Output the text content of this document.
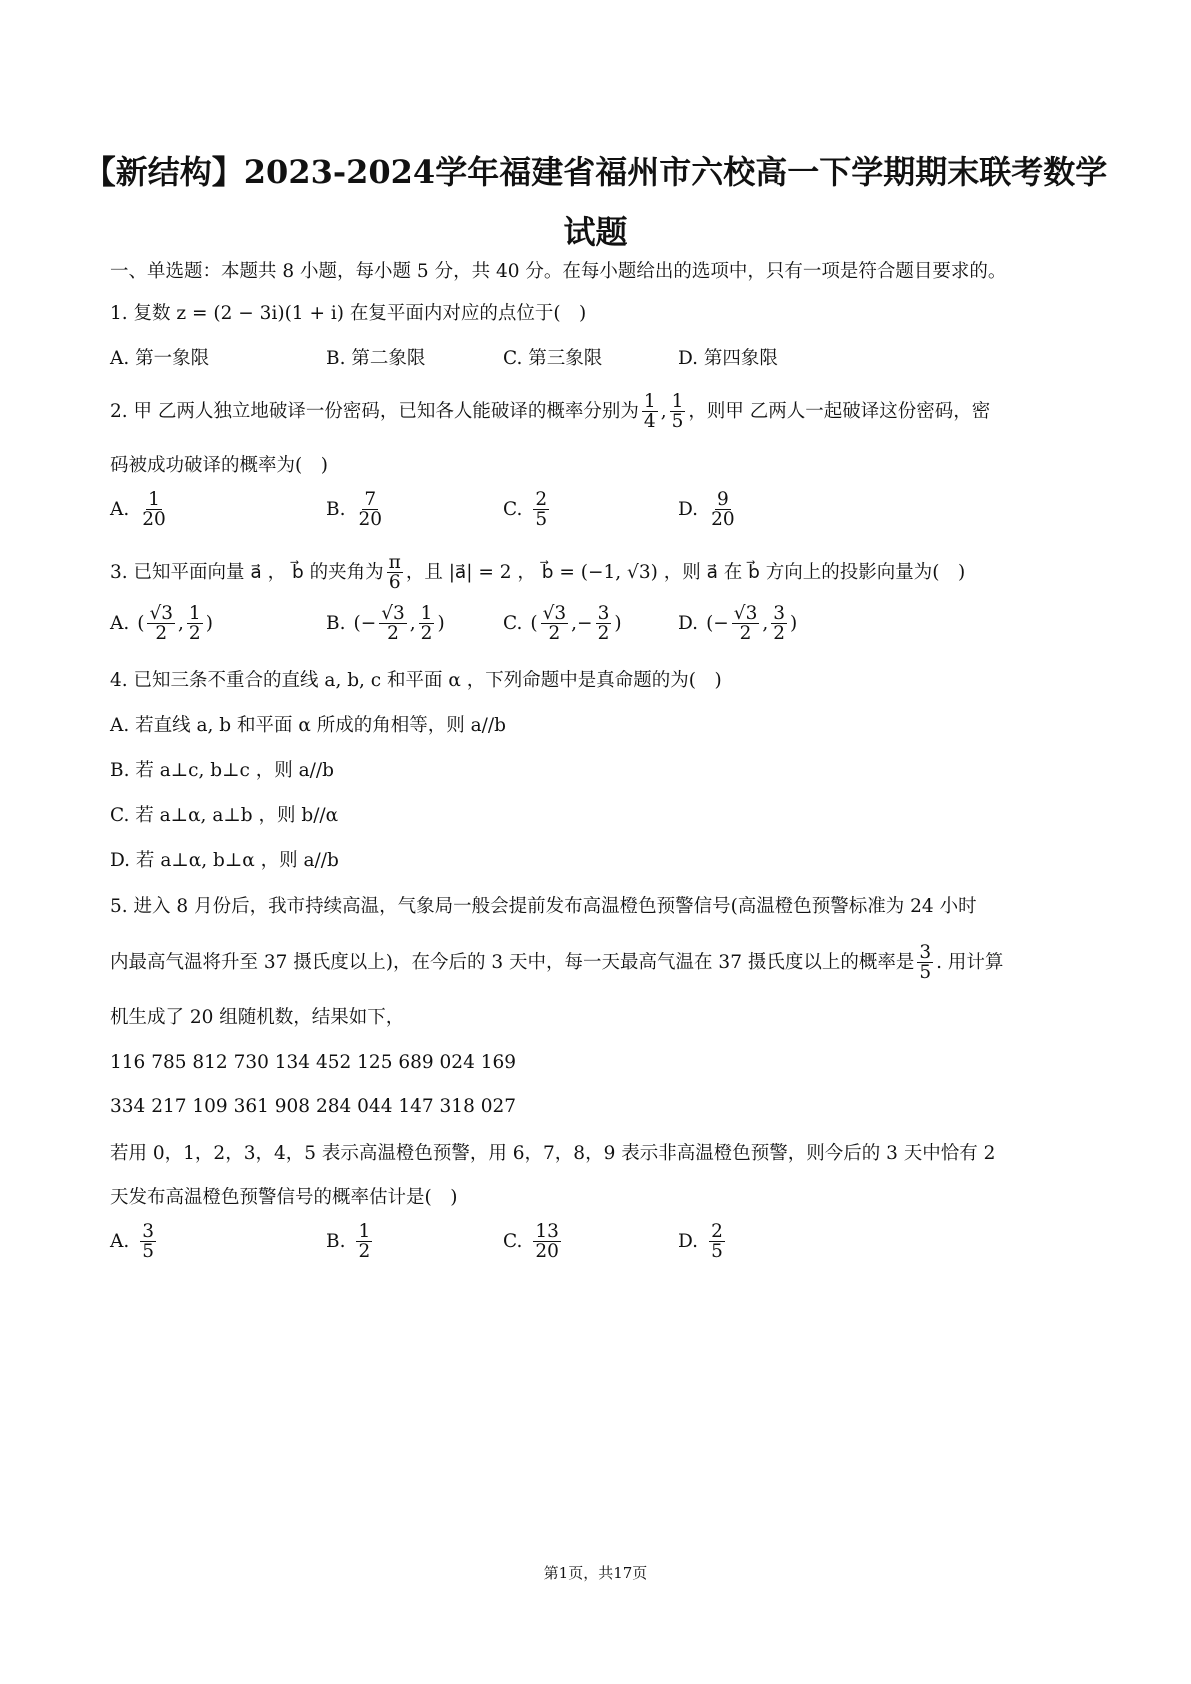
【新结构】2023-2024学年福建省福州市六校高一下学期期末联考数学
试题
一、单选题：本题共 8 小题，每小题 5 分，共 40 分。在每小题给出的选项中，只有一项是符合题目要求的。
1. 复数 z = (2 − 3i)(1 + i) 在复平面内对应的点位于(　)
A. 第一象限	B. 第二象限	C. 第三象限	D. 第四象限
2. 甲 乙两人独立地破译一份密码，已知各人能破译的概率分别为 $\frac{1}{4}$ , $\frac{1}{5}$ ，则甲 乙两人一起破译这份密码，密
码被成功破译的概率为(　)
A. $\frac{1}{20}$	B. $\frac{7}{20}$	C. $\frac{2}{5}$	D. $\frac{9}{20}$
3. 已知平面向量 a⃗ ， b⃗ 的夹角为 $\frac{\pi}{6}$ ，且 |a⃗| = 2 ， b⃗ = (−1, √3) ，则 a⃗ 在 b⃗ 方向上的投影向量为(　)
A. ( $\frac{√3}{2}$ , $\frac{1}{2}$ )	B. (− $\frac{√3}{2}$ , $\frac{1}{2}$ )	C. ( $\frac{√3}{2}$ ,− $\frac{3}{2}$ )	D. (− $\frac{√3}{2}$ , $\frac{3}{2}$ )
4. 已知三条不重合的直线 a, b, c 和平面 α ，下列命题中是真命题的为(　)
A. 若直线 a, b 和平面 α 所成的角相等，则 a//b
B. 若 a⊥c, b⊥c ，则 a//b
C. 若 a⊥α, a⊥b ，则 b//α
D. 若 a⊥α, b⊥α ，则 a//b
5. 进入 8 月份后，我市持续高温，气象局一般会提前发布高温橙色预警信号(高温橙色预警标准为 24 小时
内最高气温将升至 37 摄氏度以上)，在今后的 3 天中，每一天最高气温在 37 摄氏度以上的概率是 $\frac{3}{5}$ . 用计算
机生成了 20 组随机数，结果如下，
116 785 812 730 134 452 125 689 024 169
334 217 109 361 908 284 044 147 318 027
若用 0，1，2，3，4，5 表示高温橙色预警，用 6，7，8，9 表示非高温橙色预警，则今后的 3 天中恰有 2
天发布高温橙色预警信号的概率估计是(　)
A. $\frac{3}{5}$	B. $\frac{1}{2}$	C. $\frac{13}{20}$	D. $\frac{2}{5}$
第1页，共17页
